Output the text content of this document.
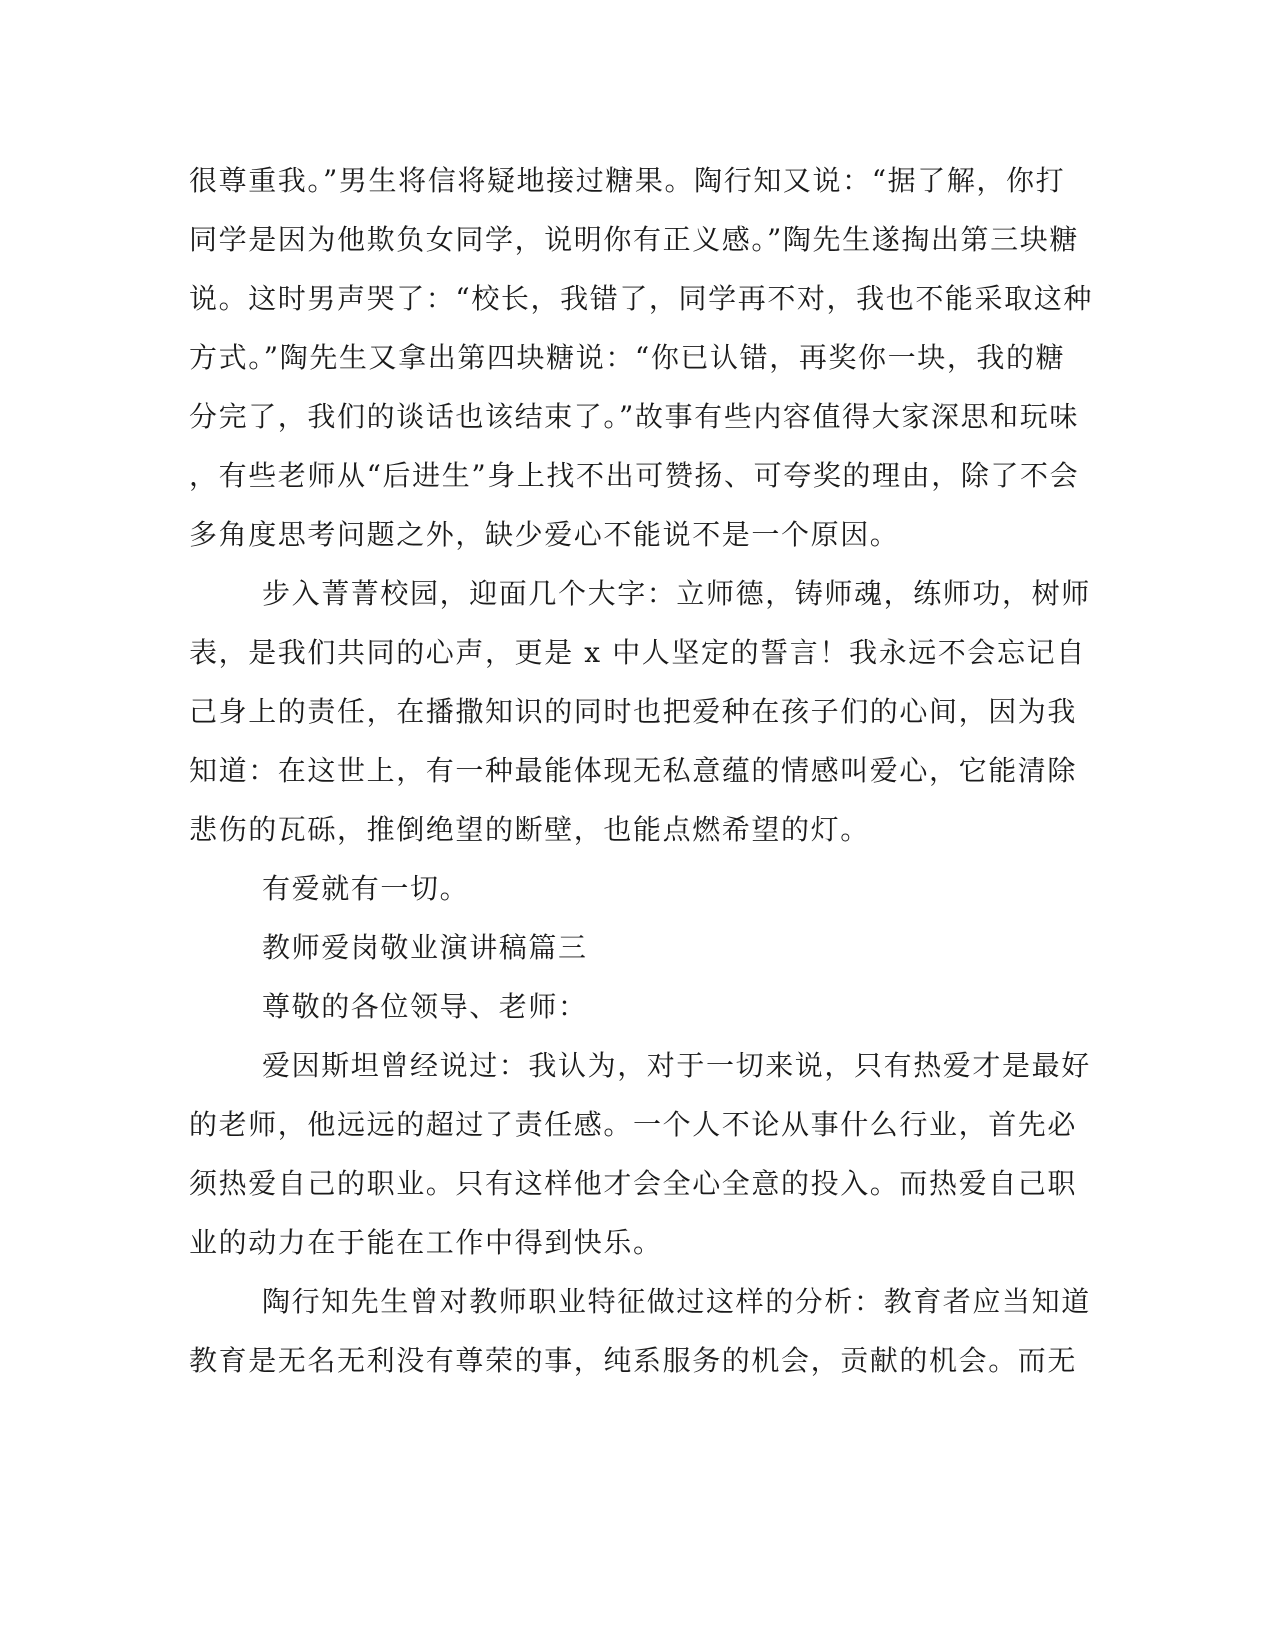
很尊重我。”男生将信将疑地接过糖果。陶行知又说：“据了解，你打
同学是因为他欺负女同学，说明你有正义感。”陶先生遂掏出第三块糖
说。这时男声哭了：“校长，我错了，同学再不对，我也不能采取这种
方式。”陶先生又拿出第四块糖说：“你已认错，再奖你一块，我的糖
分完了，我们的谈话也该结束了。”故事有些内容值得大家深思和玩味
，有些老师从“后进生”身上找不出可赞扬、可夸奖的理由，除了不会
多角度思考问题之外，缺少爱心不能说不是一个原因。
步入菁菁校园，迎面几个大字：立师德，铸师魂，练师功，树师
表，是我们共同的心声，更是 x 中人坚定的誓言！我永远不会忘记自
己身上的责任，在播撒知识的同时也把爱种在孩子们的心间，因为我
知道：在这世上，有一种最能体现无私意蕴的情感叫爱心，它能清除
悲伤的瓦砾，推倒绝望的断壁，也能点燃希望的灯。
有爱就有一切。
教师爱岗敬业演讲稿篇三
尊敬的各位领导、老师：
爱因斯坦曾经说过：我认为，对于一切来说，只有热爱才是最好
的老师，他远远的超过了责任感。一个人不论从事什么行业，首先必
须热爱自己的职业。只有这样他才会全心全意的投入。而热爱自己职
业的动力在于能在工作中得到快乐。
陶行知先生曾对教师职业特征做过这样的分析：教育者应当知道
教育是无名无利没有尊荣的事，纯系服务的机会，贡献的机会。而无
